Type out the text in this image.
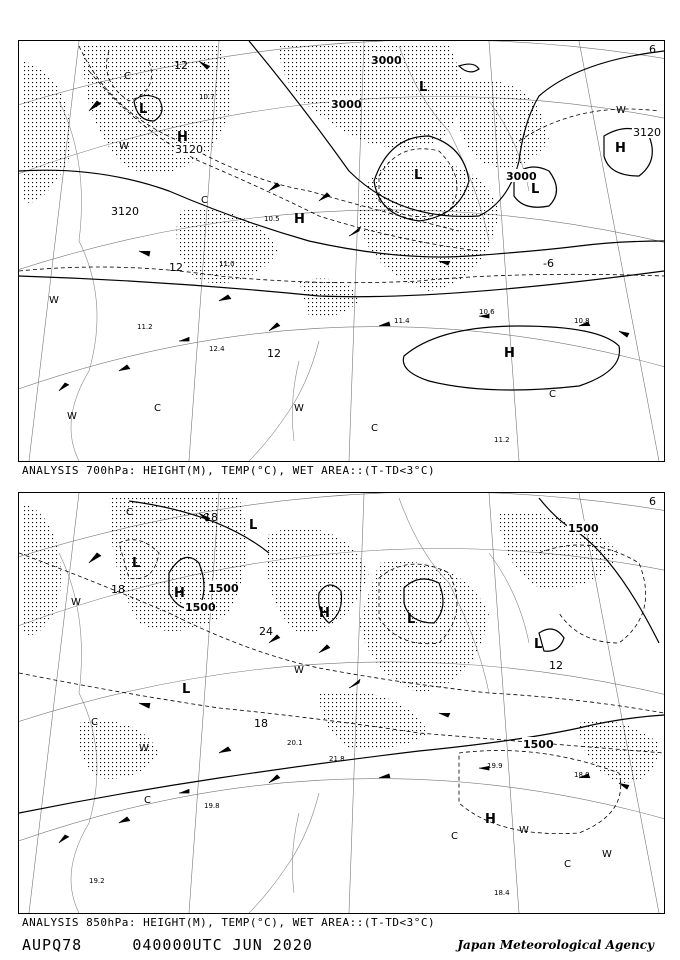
3000
3000
3000
3120
3120
3120
L
L
L
L
H
H
H
H
12
12
12
-6
6
W
W
W
W
W
C
C
C
C
C
10.7
10.5
11.0
12.4
11.2
10.6
10.8
11.4
11.2
ANALYSIS 700hPa: HEIGHT(M), TEMP(°C), WET AREA::(T-TD<3°C)
1500
1500
1500
1500
L
L
L
L
L
H
H
H
18
18
18
24
12
6
W
W
W
W
W
C
C
C
C
C
19.9
20.1
21.8
18.0
19.8
18.4
19.2
ANALYSIS 850hPa: HEIGHT(M), TEMP(°C), WET AREA::(T-TD<3°C)
AUPQ78     040000UTC JUN 2020	Japan Meteorological Agency
